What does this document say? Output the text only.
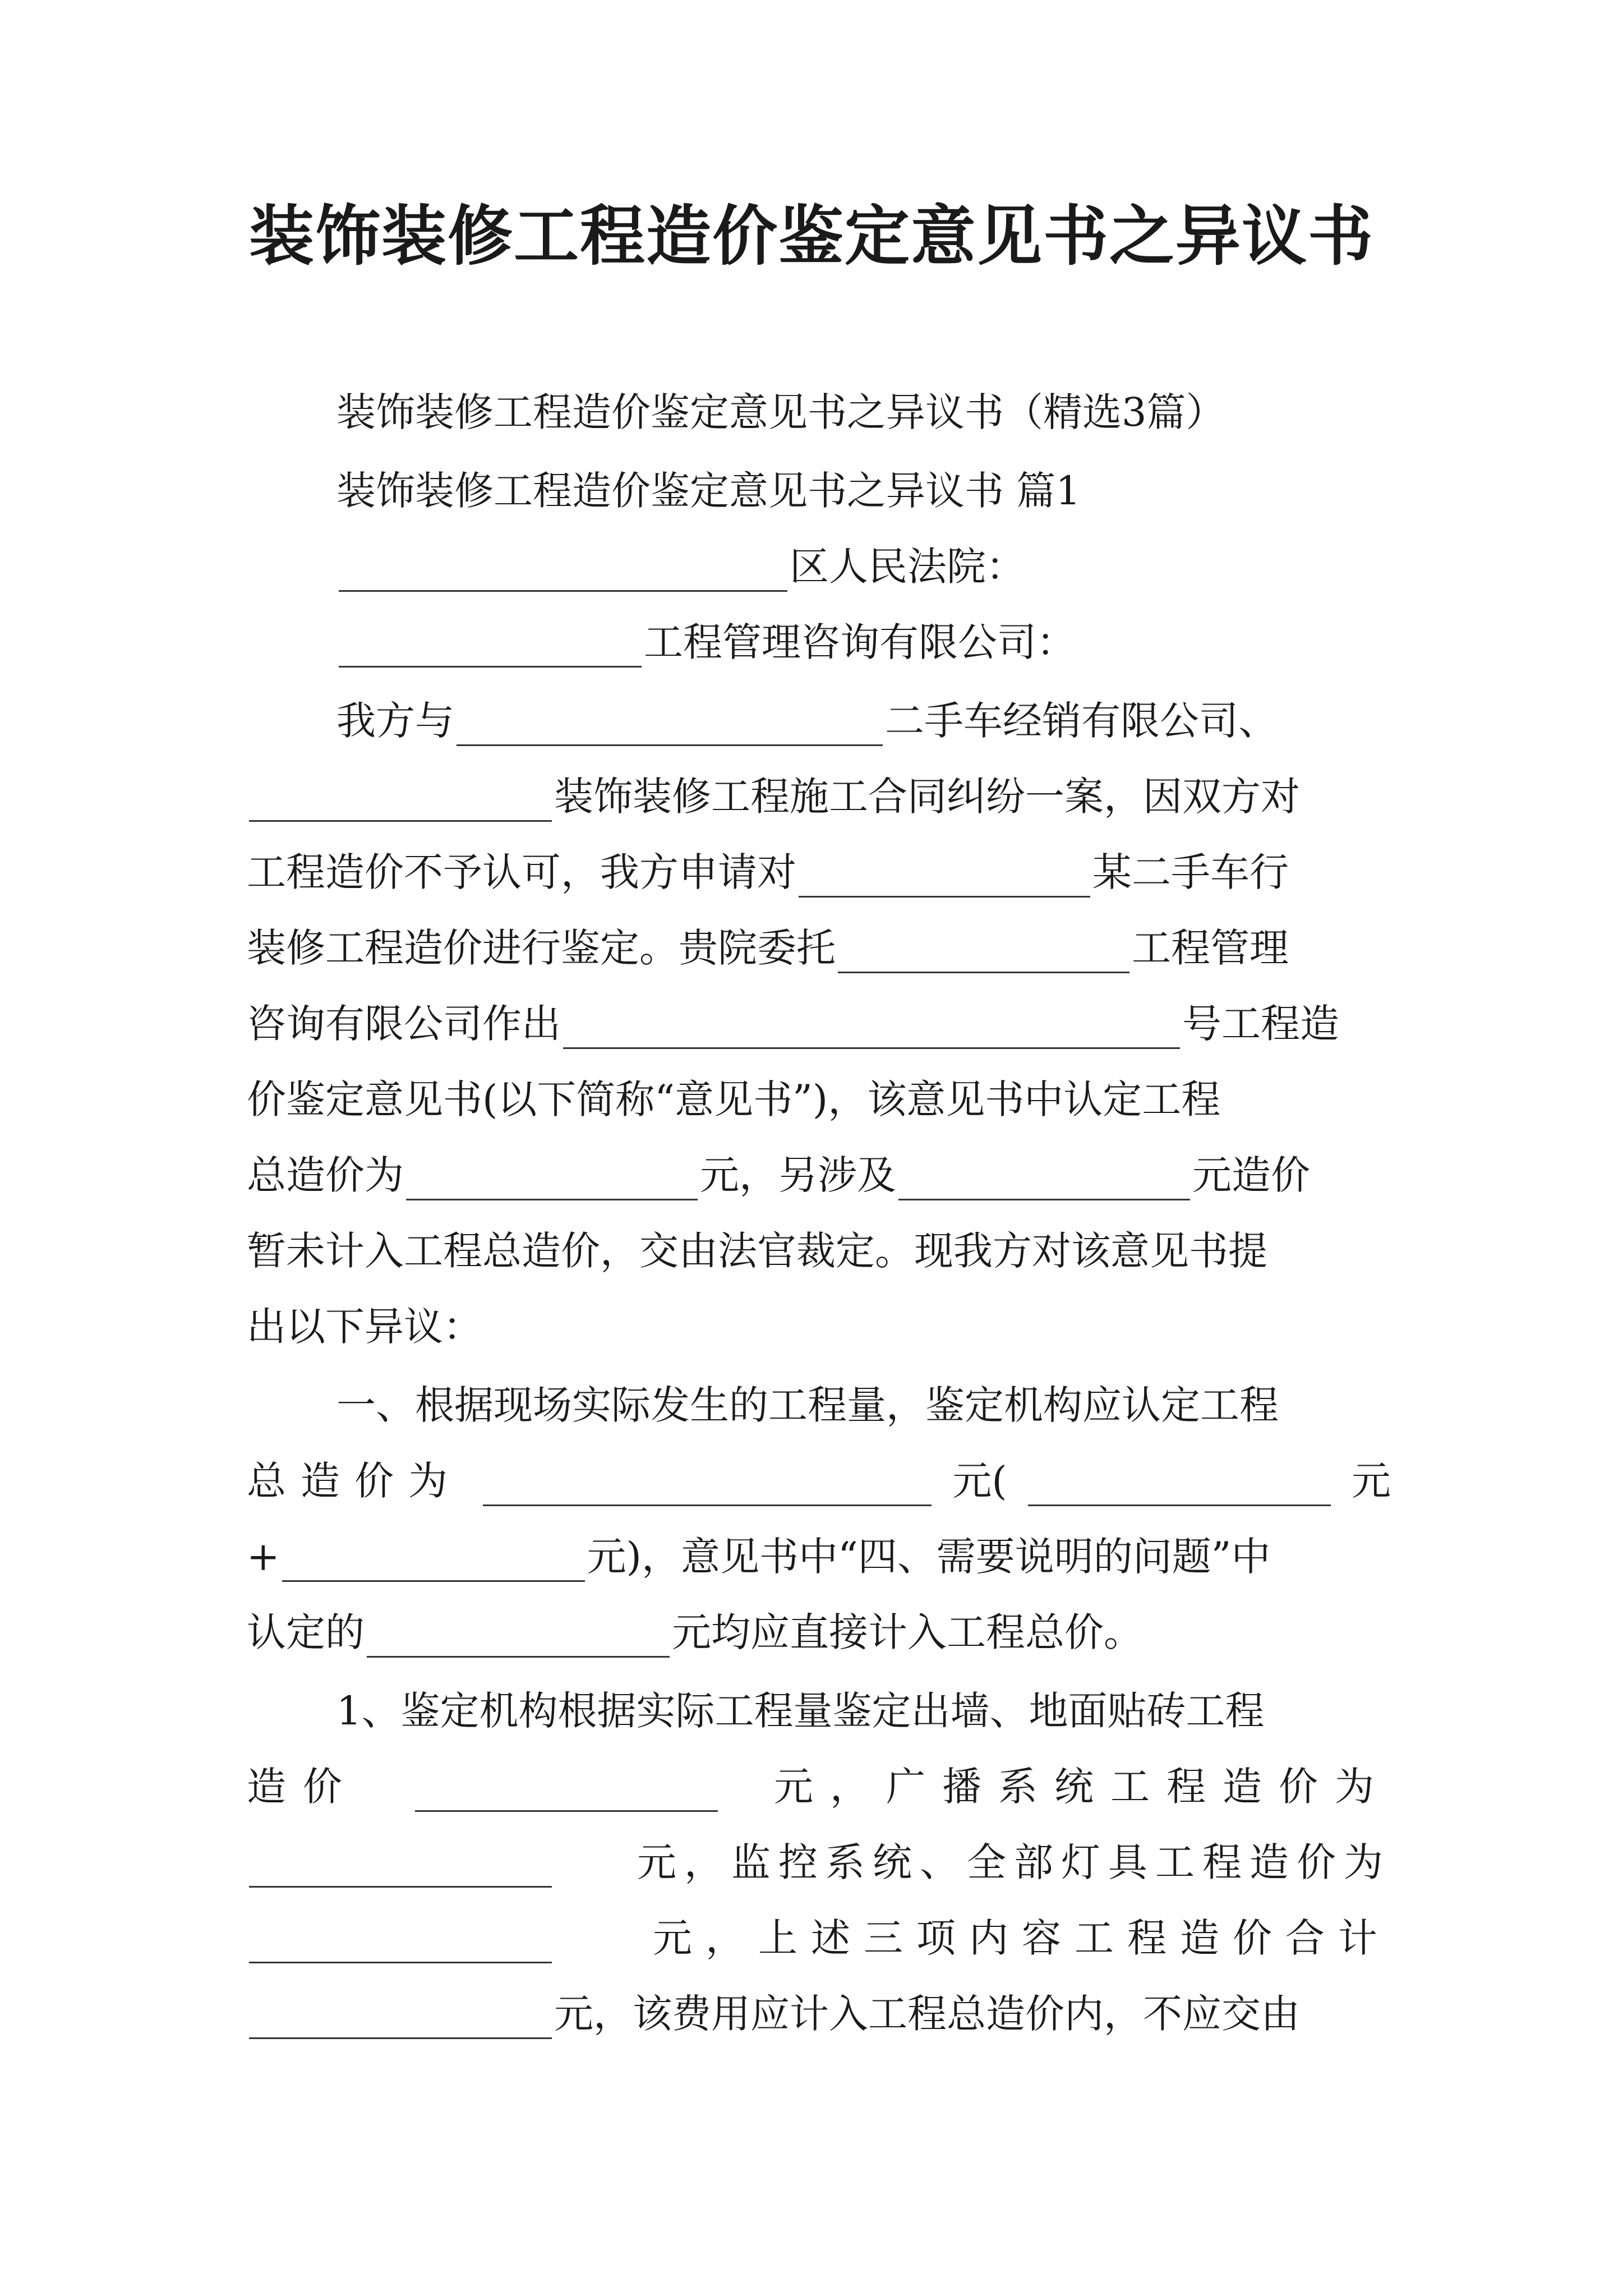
装饰装修工程造价鉴定意见书之异议书
装饰装修工程造价鉴定意见书之异议书（精选3篇）
装饰装修工程造价鉴定意见书之异议书 篇1
区人民法院：
工程管理咨询有限公司：
我方与	二手车经销有限公司、
装饰装修工程施工合同纠纷一案，因双方对
工程造价不予认可，我方申请对	某二手车行
装修工程造价进行鉴定。贵院委托	工程管理
咨询有限公司作出	号工程造
价鉴定意见书(以下简称“意见书”)，该意见书中认定工程
总造价为	元，另涉及	元造价
暂未计入工程总造价，交由法官裁定。现我方对该意见书提
出以下异议：
一、根据现场实际发生的工程量，鉴定机构应认定工程
总造价为	元(	元
+	元)，意见书中“四、需要说明的问题”中
认定的	元均应直接计入工程总价。
1、鉴定机构根据实际工程量鉴定出墙、地面贴砖工程
造价	元，广播系统工程造价为
元，监控系统、全部灯具工程造价为
元，上述三项内容工程造价合计
元，该费用应计入工程总造价内，不应交由
